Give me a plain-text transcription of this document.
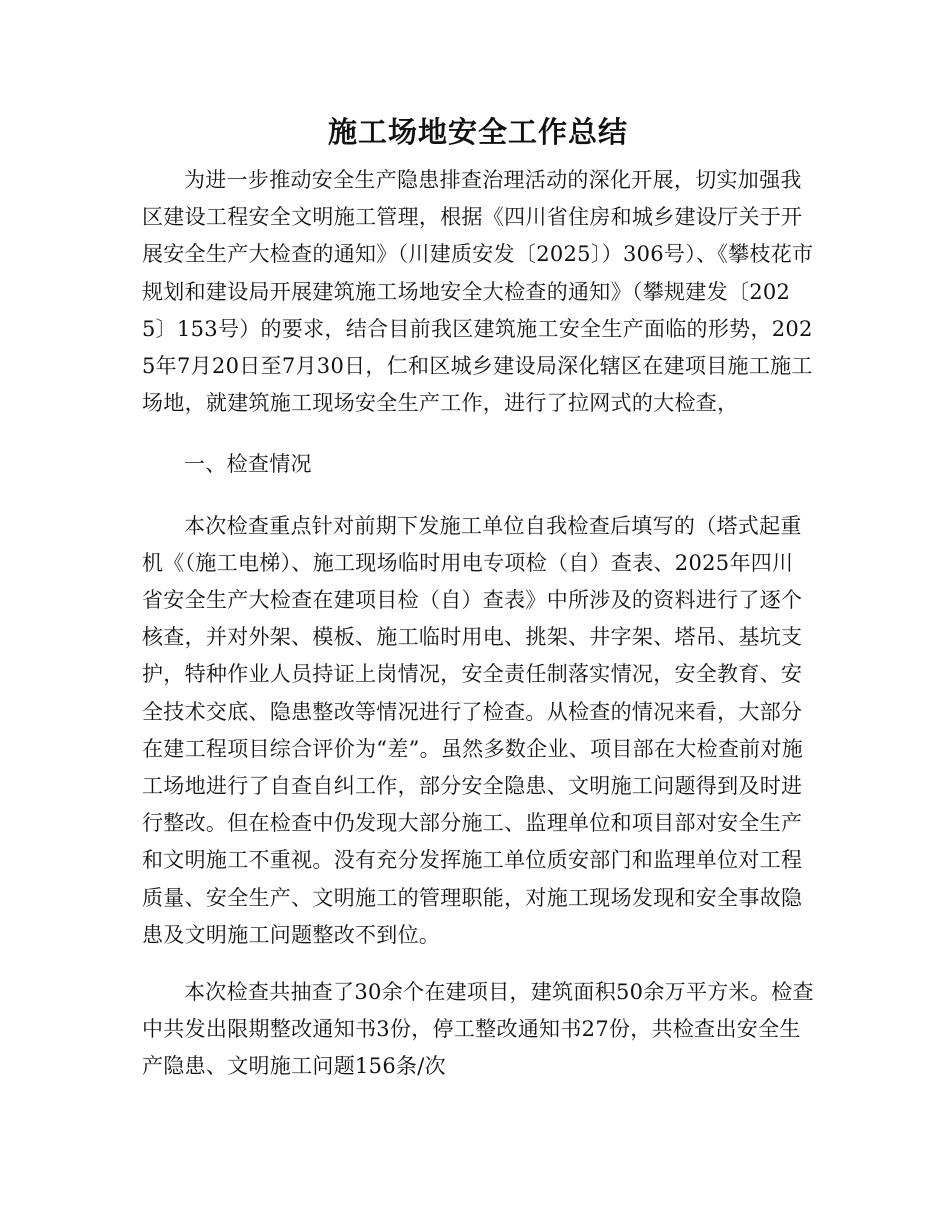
施工场地安全工作总结

为进一步推动安全生产隐患排查治理活动的深化开展，切实加强我区建设工程安全文明施工管理，根据《四川省住房和城乡建设厅关于开展安全生产大检查的通知》（川建质安发〔2025〕）306号）、《攀枝花市规划和建设局开展建筑施工场地安全大检查的通知》（攀规建发〔2025〕153号）的要求，结合目前我区建筑施工安全生产面临的形势，2025年7月20日至7月30日，仁和区城乡建设局深化辖区在建项目施工施工场地，就建筑施工现场安全生产工作，进行了拉网式的大检查，

一、检查情况

本次检查重点针对前期下发施工单位自我检查后填写的（塔式起重机《（施工电梯）、施工现场临时用电专项检（自）查表、2025年四川省安全生产大检查在建项目检（自）查表》中所涉及的资料进行了逐个核查，并对外架、模板、施工临时用电、挑架、井字架、塔吊、基坑支护，特种作业人员持证上岗情况，安全责任制落实情况，安全教育、安全技术交底、隐患整改等情况进行了检查。从检查的情况来看，大部分在建工程项目综合评价为“差”。虽然多数企业、项目部在大检查前对施工场地进行了自查自纠工作，部分安全隐患、文明施工问题得到及时进行整改。但在检查中仍发现大部分施工、监理单位和项目部对安全生产和文明施工不重视。没有充分发挥施工单位质安部门和监理单位对工程质量、安全生产、文明施工的管理职能，对施工现场发现和安全事故隐患及文明施工问题整改不到位。

本次检查共抽查了30余个在建项目，建筑面积50余万平方米。检查中共发出限期整改通知书3份，停工整改通知书27份，共检查出安全生产隐患、文明施工问题156条/次
